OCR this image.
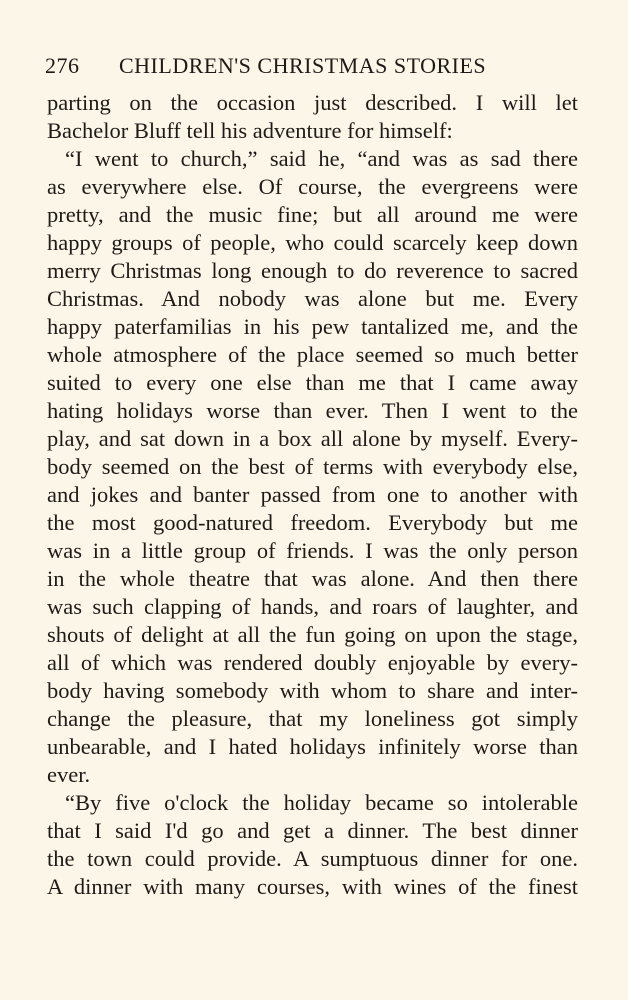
276 CHILDREN'S CHRISTMAS STORIES
parting on the occasion just described. I will let
Bachelor Bluff tell his adventure for himself:
“I went to church,” said he, “and was as sad there
as everywhere else. Of course, the evergreens were
pretty, and the music fine; but all around me were
happy groups of people, who could scarcely keep down
merry Christmas long enough to do reverence to sacred
Christmas. And nobody was alone but me. Every
happy paterfamilias in his pew tantalized me, and the
whole atmosphere of the place seemed so much better
suited to every one else than me that I came away
hating holidays worse than ever. Then I went to the
play, and sat down in a box all alone by myself. Every-
body seemed on the best of terms with everybody else,
and jokes and banter passed from one to another with
the most good-natured freedom. Everybody but me
was in a little group of friends. I was the only person
in the whole theatre that was alone. And then there
was such clapping of hands, and roars of laughter, and
shouts of delight at all the fun going on upon the stage,
all of which was rendered doubly enjoyable by every-
body having somebody with whom to share and inter-
change the pleasure, that my loneliness got simply
unbearable, and I hated holidays infinitely worse than
ever.
“By five o'clock the holiday became so intolerable
that I said I'd go and get a dinner. The best dinner
the town could provide. A sumptuous dinner for one.
A dinner with many courses, with wines of the finest
